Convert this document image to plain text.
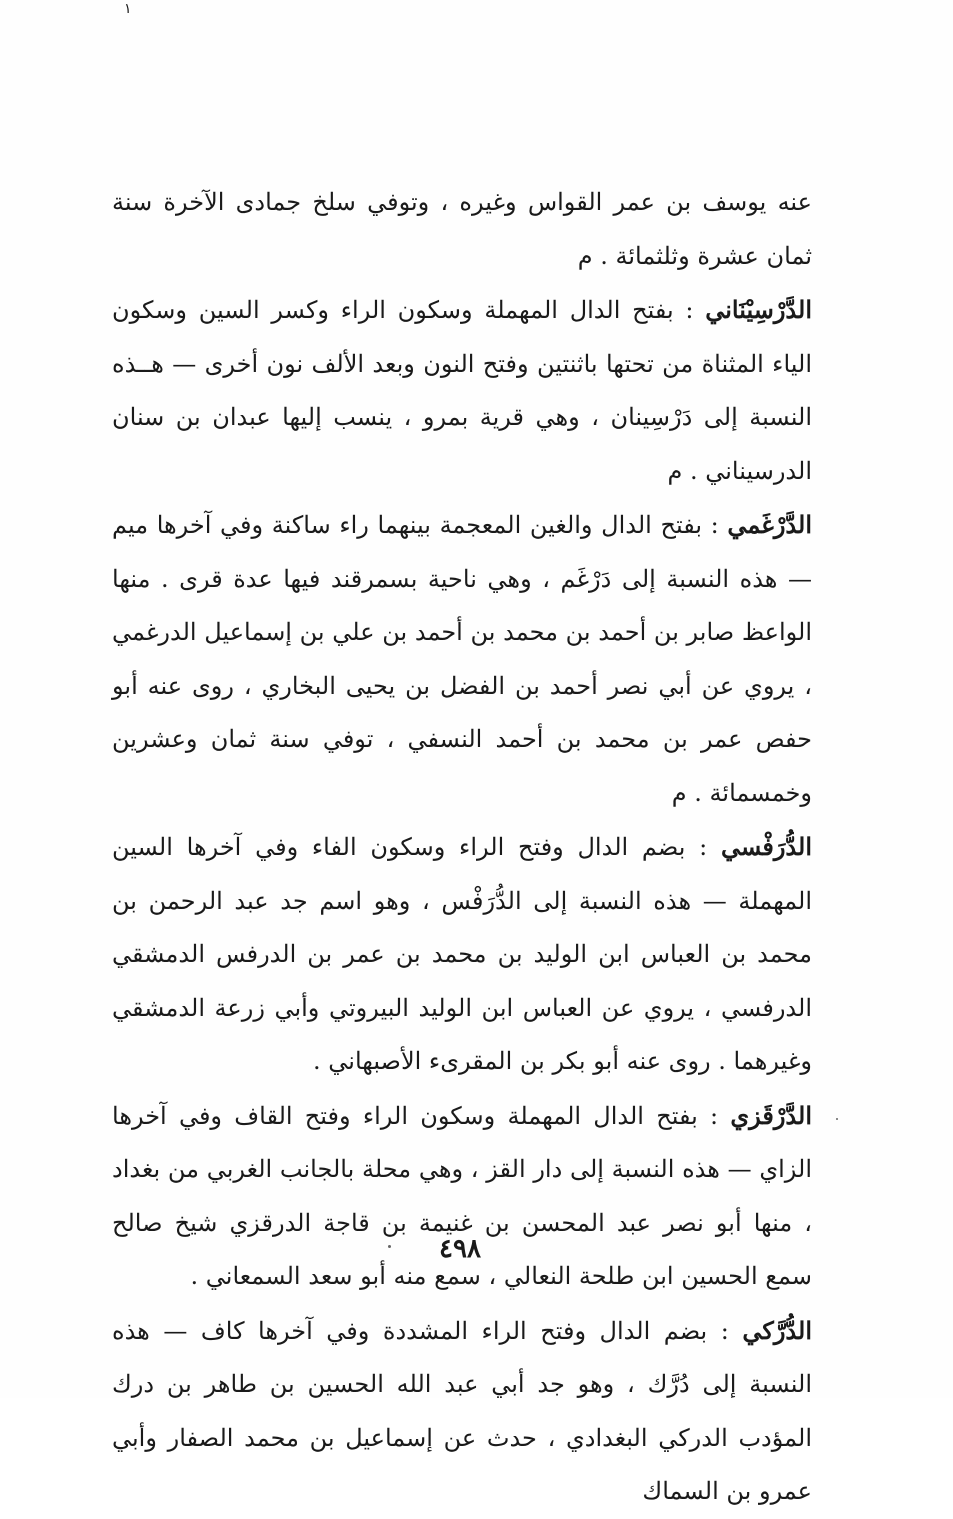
١

عنه يوسف بن عمر القواس وغيره ، وتوفي سلخ جمادى الآخرة سنة ثمان عشرة وثلثمائة . م

الدَّرْسِيْنَاني : بفتح الدال المهملة وسكون الراء وكسر السين وسكون الياء المثناة من تحتها باثنتين وفتح النون وبعد الألف نون أخرى — هــذه النسبة إلى دَرْسِينان ، وهي قرية بمرو ، ينسب إليها عبدان بن سنان الدرسيناني . م

الدَّرْغَمي : بفتح الدال والغين المعجمة بينهما راء ساكنة وفي آخرها ميم — هذه النسبة إلى دَرْغَم ، وهي ناحية بسمرقند فيها عدة قرى . منها الواعظ صابر بن أحمد بن محمد بن أحمد بن علي بن إسماعيل الدرغمي ، يروي عن أبي نصر أحمد بن الفضل بن يحيى البخاري ، روى عنه أبو حفص عمر بن محمد بن أحمد النسفي ، توفي سنة ثمان وعشرين وخمسمائة . م

الدُّرَفْسي : بضم الدال وفتح الراء وسكون الفاء وفي آخرها السين المهملة — هذه النسبة إلى الدُّرَفْس ، وهو اسم جد عبد الرحمن بن محمد بن العباس ابن الوليد بن محمد بن عمر بن الدرفس الدمشقي الدرفسي ، يروي عن العباس ابن الوليد البيروتي وأبي زرعة الدمشقي وغيرهما . روى عنه أبو بكر بن المقرىء الأصبهاني .

الدَّرْقَزي : بفتح الدال المهملة وسكون الراء وفتح القاف وفي آخرها الزاي — هذه النسبة إلى دار القز ، وهي محلة بالجانب الغربي من بغداد ، منها أبو نصر عبد المحسن بن غنيمة بن قاجة الدرقزي شيخ صالح سمع الحسين ابن طلحة النعالي ، سمع منه أبو سعد السمعاني .

الدُّرَّكي : بضم الدال وفتح الراء المشددة وفي آخرها كاف — هذه النسبة إلى دُرَّك ، وهو جد أبي عبد الله الحسين بن طاهر بن درك المؤدب الدركي البغدادي ، حدث عن إسماعيل بن محمد الصفار وأبي عمرو بن السماك

٤٩٨
